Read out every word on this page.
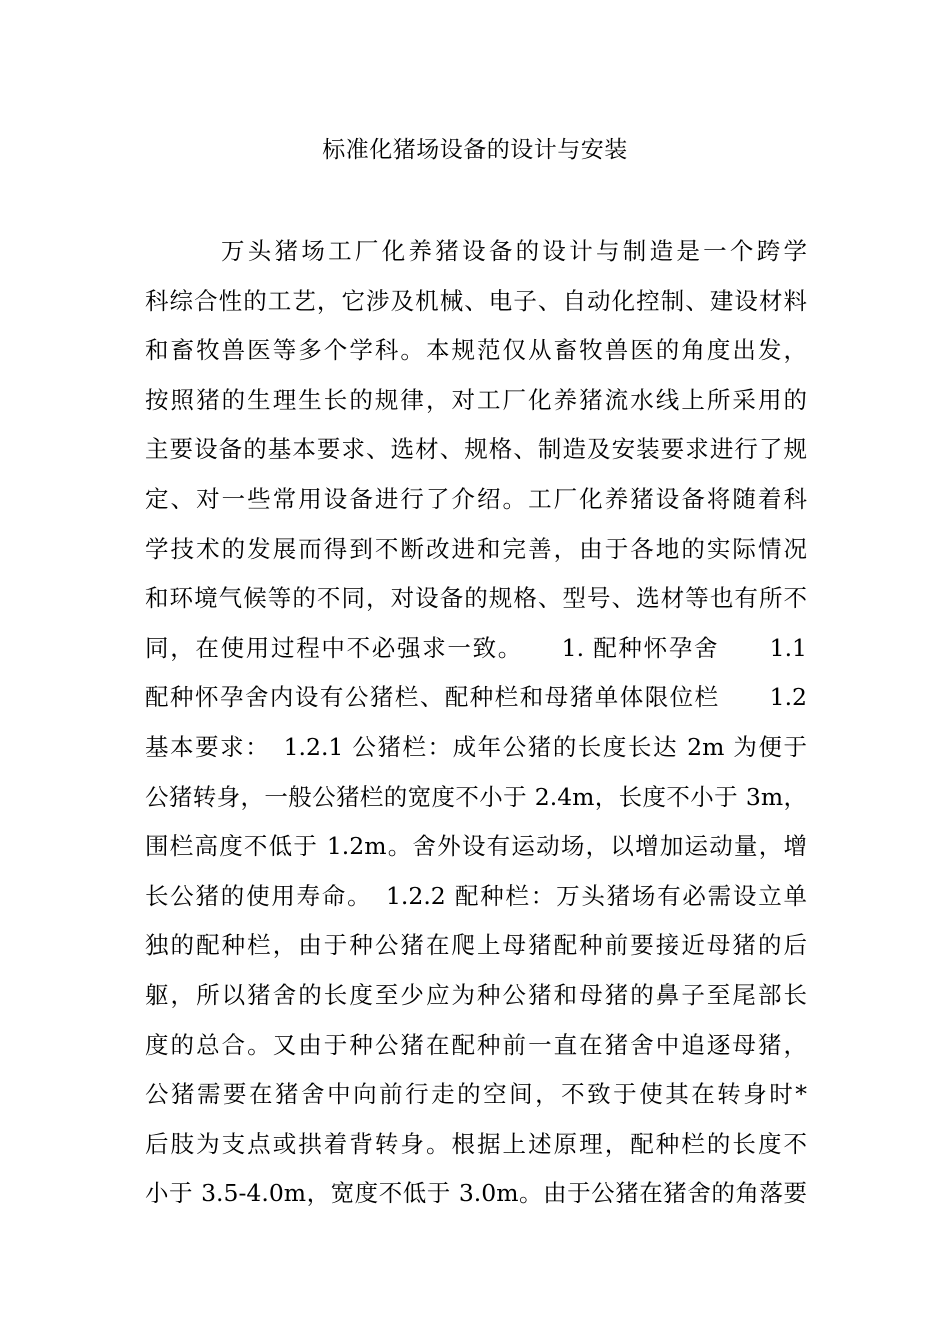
标准化猪场设备的设计与安装
万头猪场工厂化养猪设备的设计与制造是一个跨学
科综合性的工艺，它涉及机械、电子、自动化控制、建设材料
和畜牧兽医等多个学科。本规范仅从畜牧兽医的角度出发，
按照猪的生理生长的规律，对工厂化养猪流水线上所采用的
主要设备的基本要求、选材、规格、制造及安装要求进行了规
定、对一些常用设备进行了介绍。工厂化养猪设备将随着科
学技术的发展而得到不断改进和完善，由于各地的实际情况
和环境气候等的不同，对设备的规格、型号、选材等也有所不
同，在使用过程中不必强求一致。　　1. 配种怀孕舍　　1.1
配种怀孕舍内设有公猪栏、配种栏和母猪单体限位栏　　1.2
基本要求：　1.2.1 公猪栏：成年公猪的长度长达 2m 为便于
公猪转身，一般公猪栏的宽度不小于 2.4m，长度不小于 3m，
围栏高度不低于 1.2m。舍外设有运动场，以增加运动量，增
长公猪的使用寿命。　1.2.2 配种栏：万头猪场有必需设立单
独的配种栏，由于种公猪在爬上母猪配种前要接近母猪的后
躯，所以猪舍的长度至少应为种公猪和母猪的鼻子至尾部长
度的总合。又由于种公猪在配种前一直在猪舍中追逐母猪，
公猪需要在猪舍中向前行走的空间，不致于使其在转身时*
后肢为支点或拱着背转身。根据上述原理，配种栏的长度不
小于 3.5-4.0m，宽度不低于 3.0m。由于公猪在猪舍的角落要
